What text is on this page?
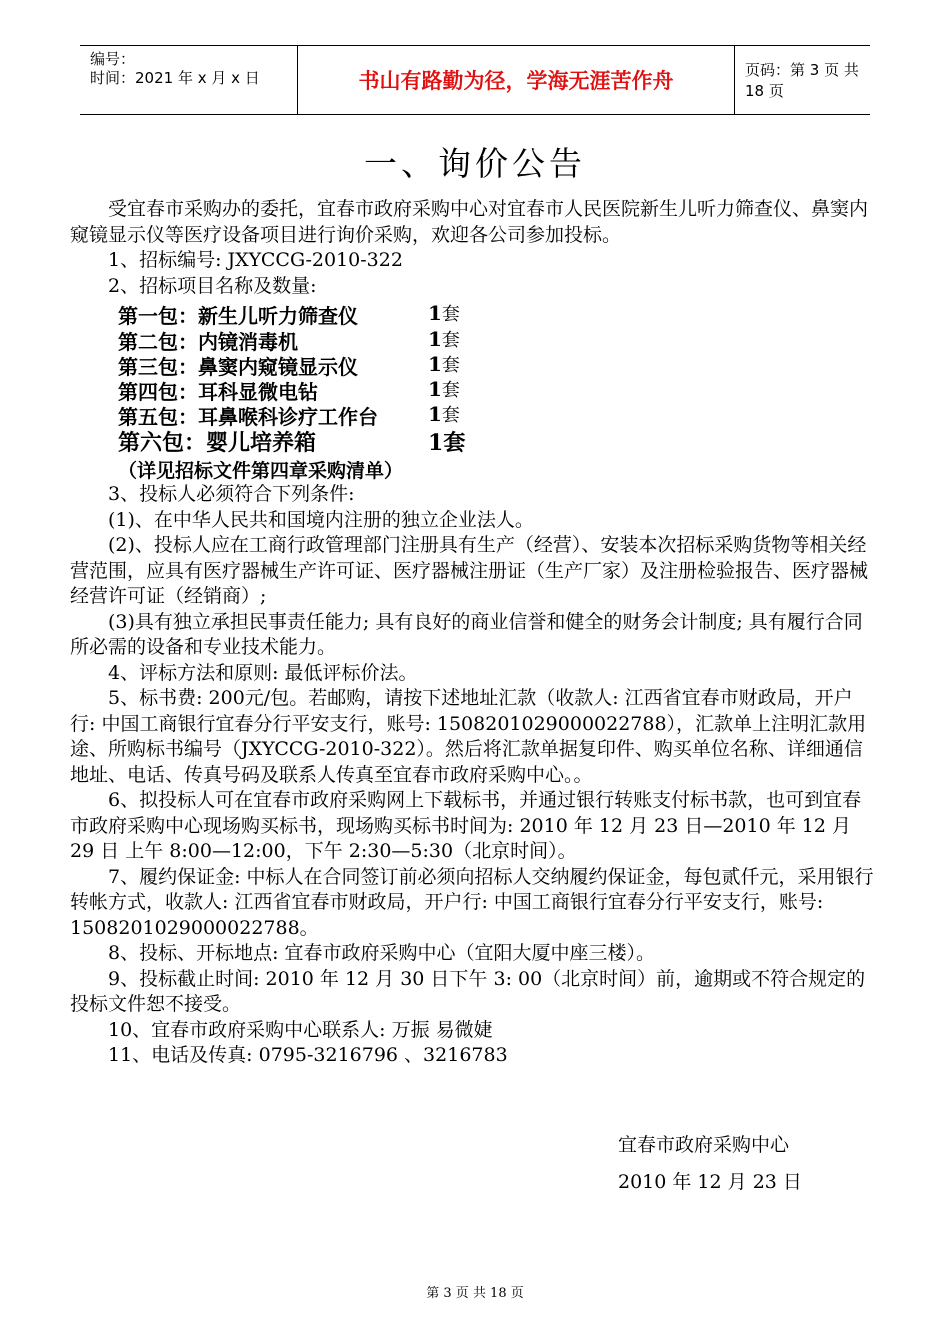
编号：
时间：2021 年 x 月 x 日	书山有路勤为径，学海无涯苦作舟	页码：第 3 页 共 18 页
一、询价公告

受宜春市采购办的委托，宜春市政府采购中心对宜春市人民医院新生儿听力筛查仪、鼻窦内窥镜显示仪等医疗设备项目进行询价采购，欢迎各公司参加投标。

1、招标编号: JXYCCG-2010-322

2、招标项目名称及数量:

第一包：新生儿听力筛查仪	1套
第二包：内镜消毒机	1套
第三包：鼻窦内窥镜显示仪	1套
第四包：耳科显微电钻	1套
第五包：耳鼻喉科诊疗工作台	1套
第六包：婴儿培养箱	1套
（详见招标文件第四章采购清单）

3、投标人必须符合下列条件:

(1)、在中华人民共和国境内注册的独立企业法人。

(2)、投标人应在工商行政管理部门注册具有生产（经营）、安装本次招标采购货物等相关经营范围，应具有医疗器械生产许可证、医疗器械注册证（生产厂家）及注册检验报告、医疗器械经营许可证（经销商）;

(3)具有独立承担民事责任能力; 具有良好的商业信誉和健全的财务会计制度; 具有履行合同所必需的设备和专业技术能力。

4、评标方法和原则: 最低评标价法。

5、标书费: 200元/包。若邮购，请按下述地址汇款（收款人: 江西省宜春市财政局，开户行: 中国工商银行宜春分行平安支行，账号: 1508201029000022788），汇款单上注明汇款用途、所购标书编号（JXYCCG-2010-322）。然后将汇款单据复印件、购买单位名称、详细通信地址、电话、传真号码及联系人传真至宜春市政府采购中心。。

6、拟投标人可在宜春市政府采购网上下载标书，并通过银行转账支付标书款，也可到宜春市政府采购中心现场购买标书，现场购买标书时间为: 2010 年 12 月 23 日—2010 年 12 月 29 日 上午 8:00—12:00，下午 2:30—5:30（北京时间）。

7、履约保证金: 中标人在合同签订前必须向招标人交纳履约保证金，每包贰仟元，采用银行转帐方式，收款人: 江西省宜春市财政局，开户行: 中国工商银行宜春分行平安支行，账号: 1508201029000022788。

8、投标、开标地点: 宜春市政府采购中心（宜阳大厦中座三楼）。

9、投标截止时间: 2010 年 12 月 30 日下午 3: 00（北京时间）前，逾期或不符合规定的投标文件恕不接受。

10、宜春市政府采购中心联系人: 万振 易微婕

11、电话及传真: 0795-3216796 、3216783

宜春市政府采购中心
2010 年 12 月 23 日
第 3 页 共 18 页
